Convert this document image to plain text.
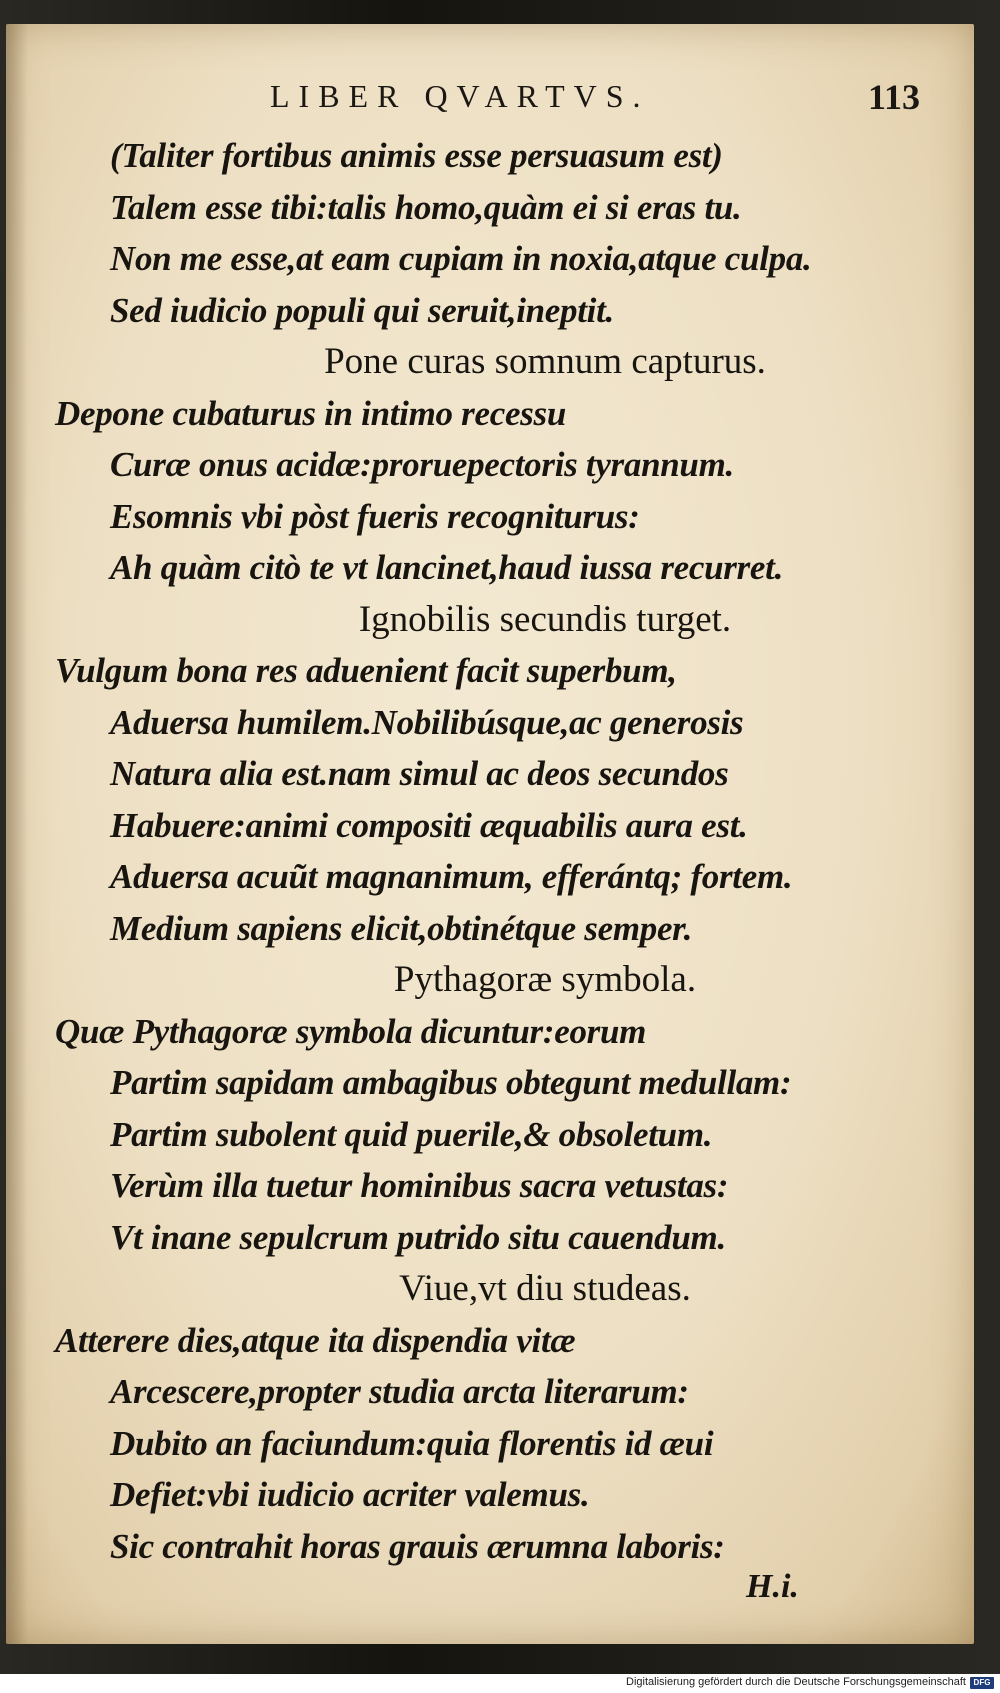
LIBER QVARTVS.	113
(Taliter fortibus animis esse persuasum est)
Talem esse tibi:talis homo,quàm ei si eras tu.
Non me esse,at eam cupiam in noxia,atque culpa.
Sed iudicio populi qui seruit,ineptit.
Pone curas somnum capturus.
Depone cubaturus in intimo recessu
Curæ onus acidæ:proruepectoris tyrannum.
Esomnis vbi pòst fueris recogniturus:
Ah quàm citò te vt lancinet,haud iussa recurret.
Ignobilis secundis turget.
Vulgum bona res aduenient facit superbum,
Aduersa humilem.Nobilibúsque,ac generosis
Natura alia est.nam simul ac deos secundos
Habuere:animi compositi æquabilis aura est.
Aduersa acuũt magnanimum, efferántq; fortem.
Medium sapiens elicit,obtinétque semper.
Pythagoræ symbola.
Quæ Pythagoræ symbola dicuntur:eorum
Partim sapidam ambagibus obtegunt medullam:
Partim subolent quid puerile,& obsoletum.
Verùm illa tuetur hominibus sacra vetustas:
Vt inane sepulcrum putrido situ cauendum.
Viue,vt diu studeas.
Atterere dies,atque ita dispendia vitæ
Arcescere,propter studia arcta literarum:
Dubito an faciundum:quia florentis id æui
Defiet:vbi iudicio acriter valemus.
Sic contrahit horas grauis ærumna laboris:
H.i.
Digitalisierung gefördert durch die Deutsche Forschungsgemeinschaft DFG
